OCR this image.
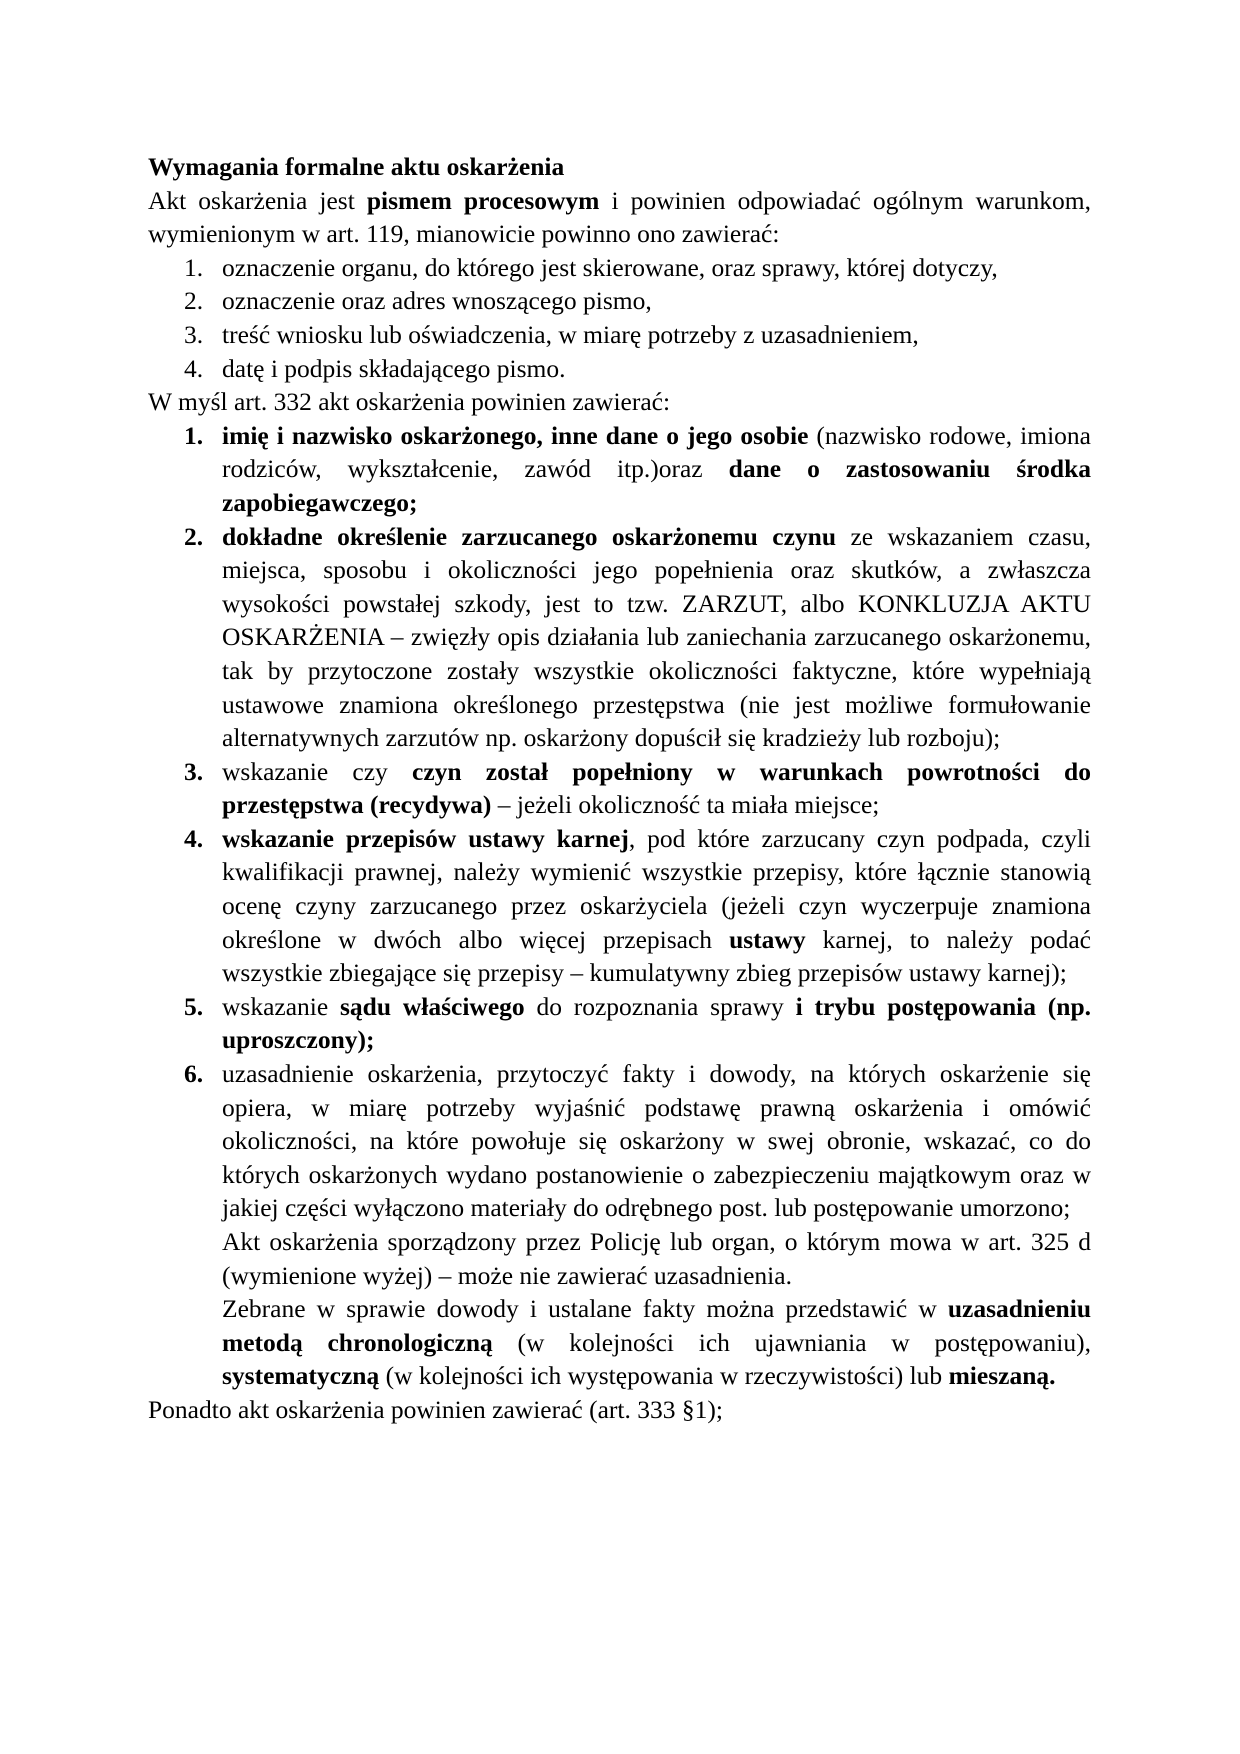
Wymagania formalne aktu oskarżenia

Akt oskarżenia jest pismem procesowym i powinien odpowiadać ogólnym warunkom, wymienionym w art. 119, mianowicie powinno ono zawierać:

1. oznaczenie organu, do którego jest skierowane, oraz sprawy, której dotyczy,
2. oznaczenie oraz adres wnoszącego pismo,
3. treść wniosku lub oświadczenia, w miarę potrzeby z uzasadnieniem,
4. datę i podpis składającego pismo.

W myśl art. 332 akt oskarżenia powinien zawierać:

1. imię i nazwisko oskarżonego, inne dane o jego osobie (nazwisko rodowe, imiona rodziców, wykształcenie, zawód itp.)oraz dane o zastosowaniu środka zapobiegawczego;
2. dokładne określenie zarzucanego oskarżonemu czynu ze wskazaniem czasu, miejsca, sposobu i okoliczności jego popełnienia oraz skutków, a zwłaszcza wysokości powstałej szkody, jest to tzw. ZARZUT, albo KONKLUZJA AKTU OSKARŻENIA – zwięzły opis działania lub zaniechania zarzucanego oskarżonemu, tak by przytoczone zostały wszystkie okoliczności faktyczne, które wypełniają ustawowe znamiona określonego przestępstwa (nie jest możliwe formułowanie alternatywnych zarzutów np. oskarżony dopuścił się kradzieży lub rozboju);
3. wskazanie czy czyn został popełniony w warunkach powrotności do przestępstwa (recydywa) – jeżeli okoliczność ta miała miejsce;
4. wskazanie przepisów ustawy karnej, pod które zarzucany czyn podpada, czyli kwalifikacji prawnej, należy wymienić wszystkie przepisy, które łącznie stanowią ocenę czyny zarzucanego przez oskarżyciela (jeżeli czyn wyczerpuje znamiona określone w dwóch albo więcej przepisach ustawy karnej, to należy podać wszystkie zbiegające się przepisy – kumulatywny zbieg przepisów ustawy karnej);
5. wskazanie sądu właściwego do rozpoznania sprawy i trybu postępowania (np. uproszczony);
6. uzasadnienie oskarżenia, przytoczyć fakty i dowody, na których oskarżenie się opiera, w miarę potrzeby wyjaśnić podstawę prawną oskarżenia i omówić okoliczności, na które powołuje się oskarżony w swej obronie, wskazać, co do których oskarżonych wydano postanowienie o zabezpieczeniu majątkowym oraz w jakiej części wyłączono materiały do odrębnego post. lub postępowanie umorzono;

Akt oskarżenia sporządzony przez Policję lub organ, o którym mowa w art. 325 d (wymienione wyżej) – może nie zawierać uzasadnienia.

Zebrane w sprawie dowody i ustalane fakty można przedstawić w uzasadnieniu metodą chronologiczną (w kolejności ich ujawniania w postępowaniu), systematyczną (w kolejności ich występowania w rzeczywistości) lub mieszaną.

Ponadto akt oskarżenia powinien zawierać (art. 333 §1);
